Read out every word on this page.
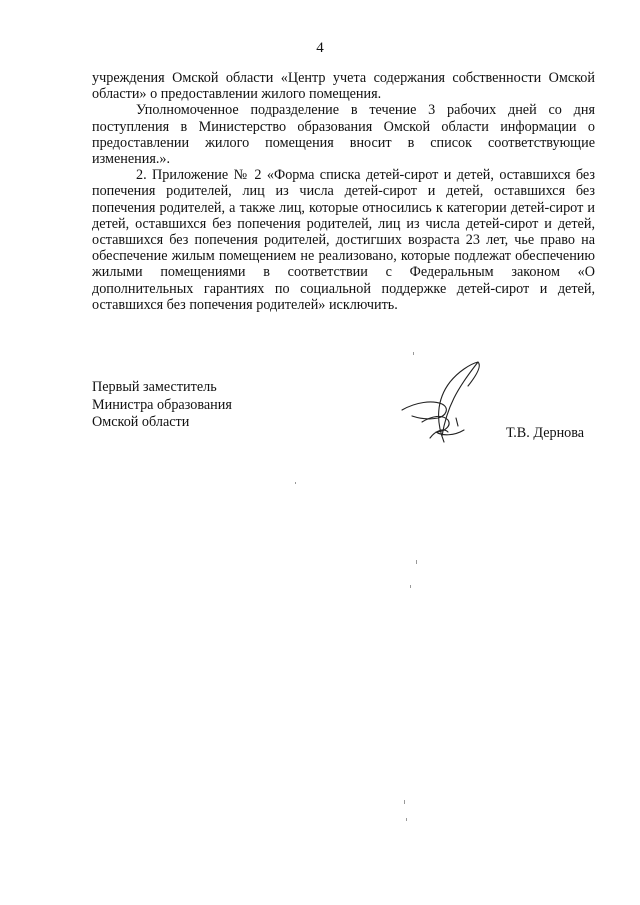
4

учреждения Омской области «Центр учета содержания собственности Омской области» о предоставлении жилого помещения.

Уполномоченное подразделение в течение 3 рабочих дней со дня поступления в Министерство образования Омской области информации о предоставлении жилого помещения вносит в список соответствующие изменения.».

2. Приложение № 2 «Форма списка детей-сирот и детей, оставшихся без попечения родителей, лиц из числа детей-сирот и детей, оставшихся без попечения родителей, а также лиц, которые относились к категории детей-сирот и детей, оставшихся без попечения родителей, лиц из числа детей-сирот и детей, оставшихся без попечения родителей, достигших возраста 23 лет, чье право на обеспечение жилым помещением не реализовано, которые подлежат обеспечению жилыми помещениями в соответствии с Федеральным законом «О дополнительных гарантиях по социальной поддержке детей-сирот и детей, оставшихся без попечения родителей» исключить.

Первый заместитель
Министра образования
Омской области
Т.В. Дернова
